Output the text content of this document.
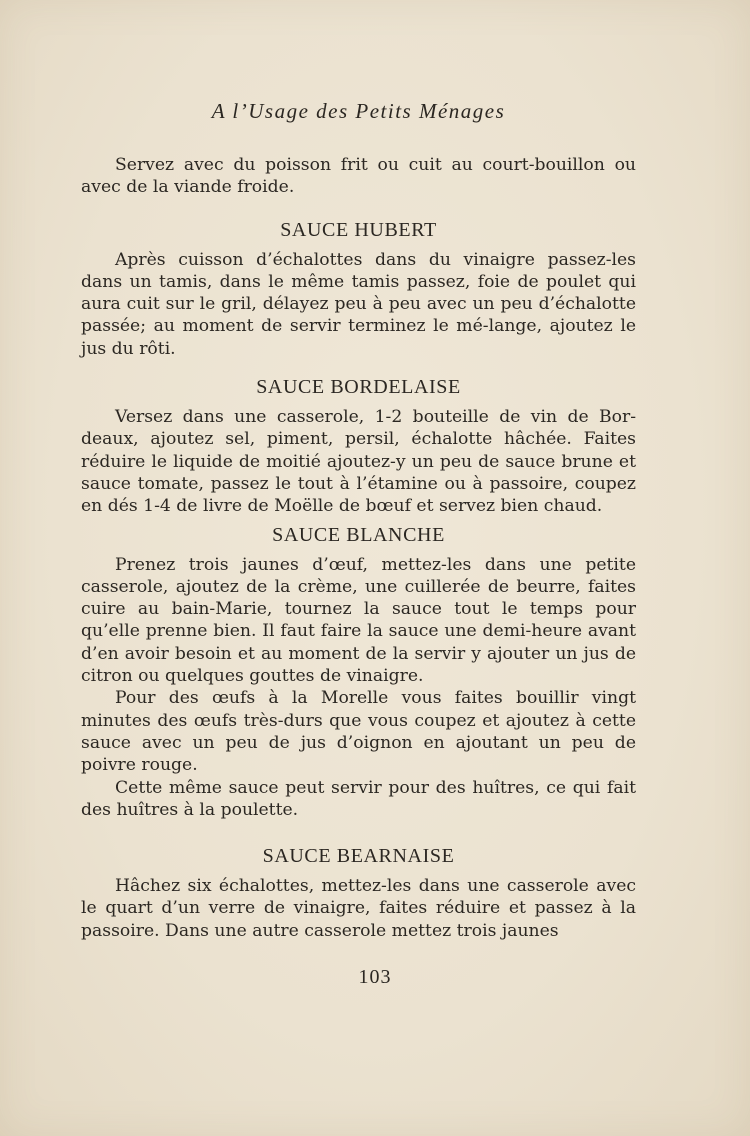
A l’Usage des Petits Ménages

Servez avec du poisson frit ou cuit au court-bouillon ou avec de la viande froide.

SAUCE HUBERT

Après cuisson d’échalottes dans du vinaigre passez-les dans un tamis, dans le même tamis passez, foie de poulet qui aura cuit sur le gril, délayez peu à peu avec un peu d’échalotte passée; au moment de servir terminez le mé-lange, ajoutez le jus du rôti.

SAUCE BORDELAISE

Versez dans une casserole, 1-2 bouteille de vin de Bor-deaux, ajoutez sel, piment, persil, échalotte hâchée. Faites réduire le liquide de moitié ajoutez-y un peu de sauce brune et sauce tomate, passez le tout à l’étamine ou à passoire, coupez en dés 1-4 de livre de Moëlle de bœuf et servez bien chaud.

SAUCE BLANCHE

Prenez trois jaunes d’œuf, mettez-les dans une petite casserole, ajoutez de la crème, une cuillerée de beurre, faites cuire au bain-Marie, tournez la sauce tout le temps pour qu’elle prenne bien. Il faut faire la sauce une demi-heure avant d’en avoir besoin et au moment de la servir y ajouter un jus de citron ou quelques gouttes de vinaigre.

Pour des œufs à la Morelle vous faites bouillir vingt minutes des œufs très-durs que vous coupez et ajoutez à cette sauce avec un peu de jus d’oignon en ajoutant un peu de poivre rouge.

Cette même sauce peut servir pour des huîtres, ce qui fait des huîtres à la poulette.

SAUCE BEARNAISE

Hâchez six échalottes, mettez-les dans une casserole avec le quart d’un verre de vinaigre, faites réduire et passez à la passoire. Dans une autre casserole mettez trois jaunes

103
